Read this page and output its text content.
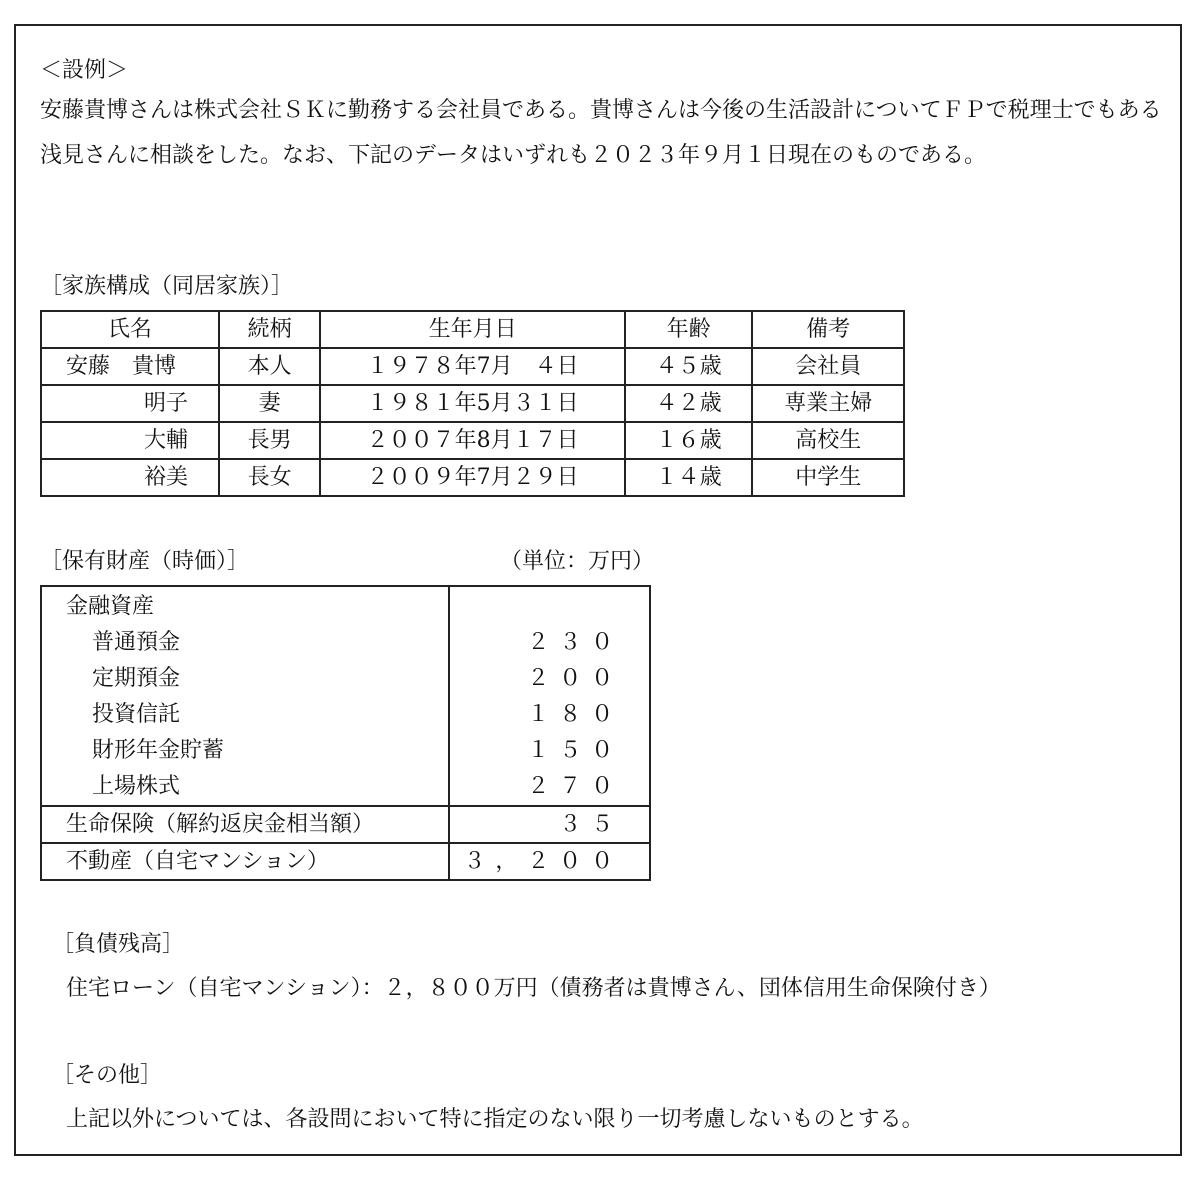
＜設例＞
安藤貴博さんは株式会社ＳＫに勤務する会社員である。貴博さんは今後の生活設計についてＦＰで税理士でもある浅見さんに相談をした。なお、下記のデータはいずれも２０２３年９月１日現在のものである。
［家族構成（同居家族）］
氏名	続柄	生年月日	年齢	備考
安藤　貴博	本人	１９７８年7月　４日	４５歳	会社員
明子	妻	１９８１年5月３１日	４２歳	専業主婦
大輔	長男	２００７年8月１７日	１６歳	高校生
裕美	長女	２００９年7月２９日	１４歳	中学生
［保有財産（時価）］	（単位：万円）
金融資産
普通預金	２３０
定期預金	２００
投資信託	１８０
財形年金貯蓄	１５０
上場株式	２７０
生命保険（解約返戻金相当額）	３５
不動産（自宅マンション）	３，２００
［負債残高］
住宅ローン（自宅マンション）：２，８００万円（債務者は貴博さん、団体信用生命保険付き）
［その他］
上記以外については、各設問において特に指定のない限り一切考慮しないものとする。
